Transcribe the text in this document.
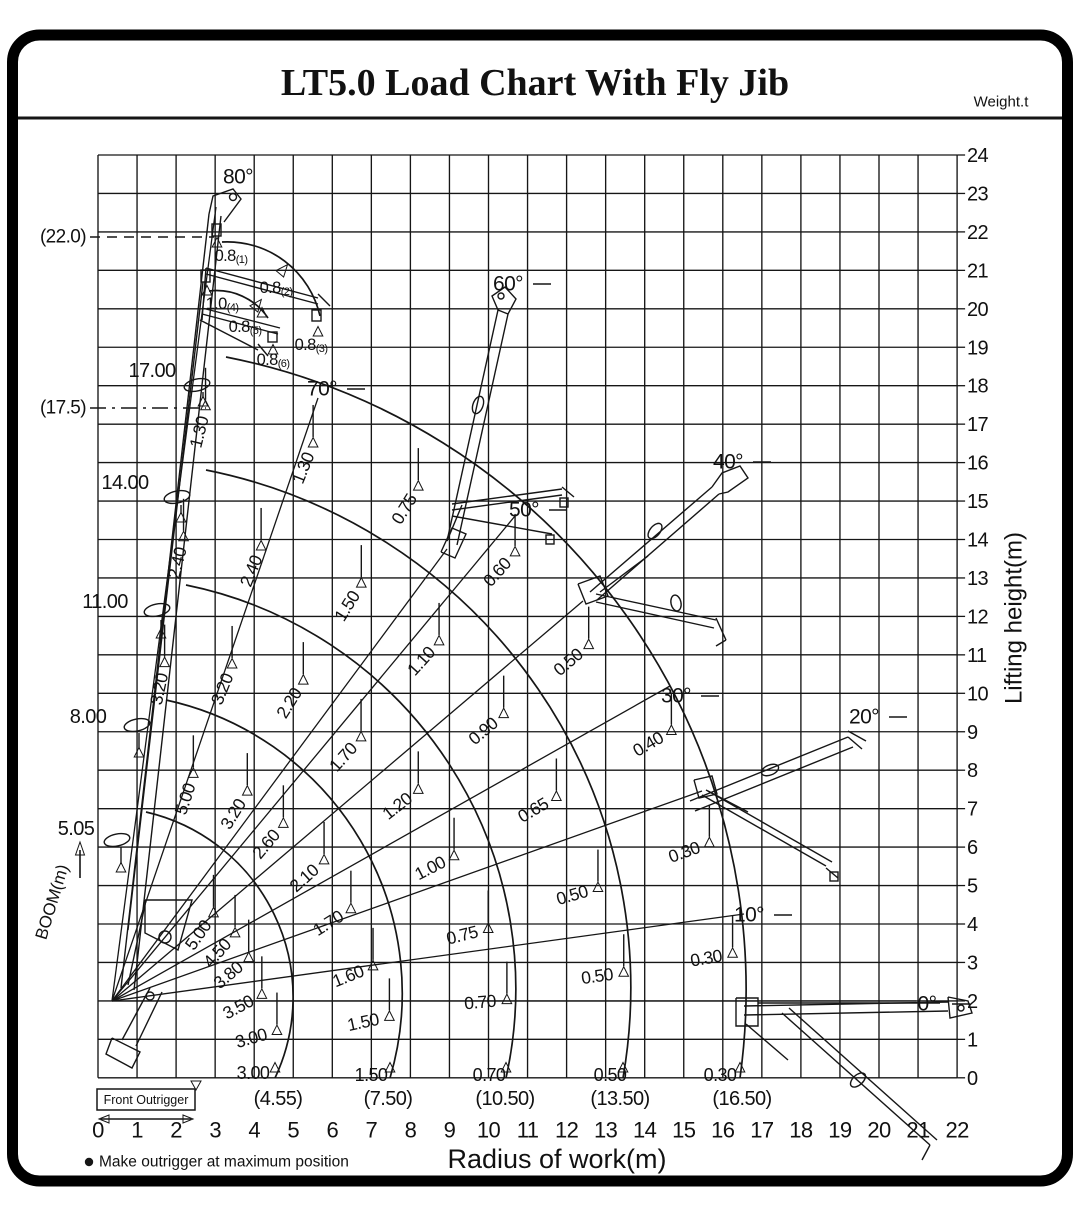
LT5.0 Load Chart With Fly Jib	Weight.t
Radius of work(m)
Lifting height(m)
BOOM(m)
Front Outrigger
Make outrigger at maximum position
17.00
14.00
11.00
8.00
5.05
(22.0)
(17.5)
80°
70°
60°
50°
40°
30°
20°
10°
0°
1.30
1.30
0.75
0.60
0.50
0.40
0.30
0.30
2.40	2.40
1.50
1.10
0.90
0.65
0.50
0.50
3.20 3.20 2.20
1.70
1.20
1.00
0.75
0.70
5.00 3.20
2.60
2.10
1.70
1.60
1.50
5.00
4.50
3.80
3.50
3.00
3.00	1.50	0.70	0.50	0.30
$0.8_{(1)}$
$0.8_{(2)}$
$1.0_{(4)}$
$0.8_{(5)}$
$0.8_{(3)}$
$0.8_{(6)}$
0 1 2 3 4 5 6 7 8 9 10 11 12 13 14 15 16 17 18 19 20 21 22
0
1
2
3
4
5
6
7
8
9
10
11
12
13
14
15
16
17
18
19
20
21
22
23
24
(4.55)	(7.50)	(10.50)	(13.50)	(16.50)
